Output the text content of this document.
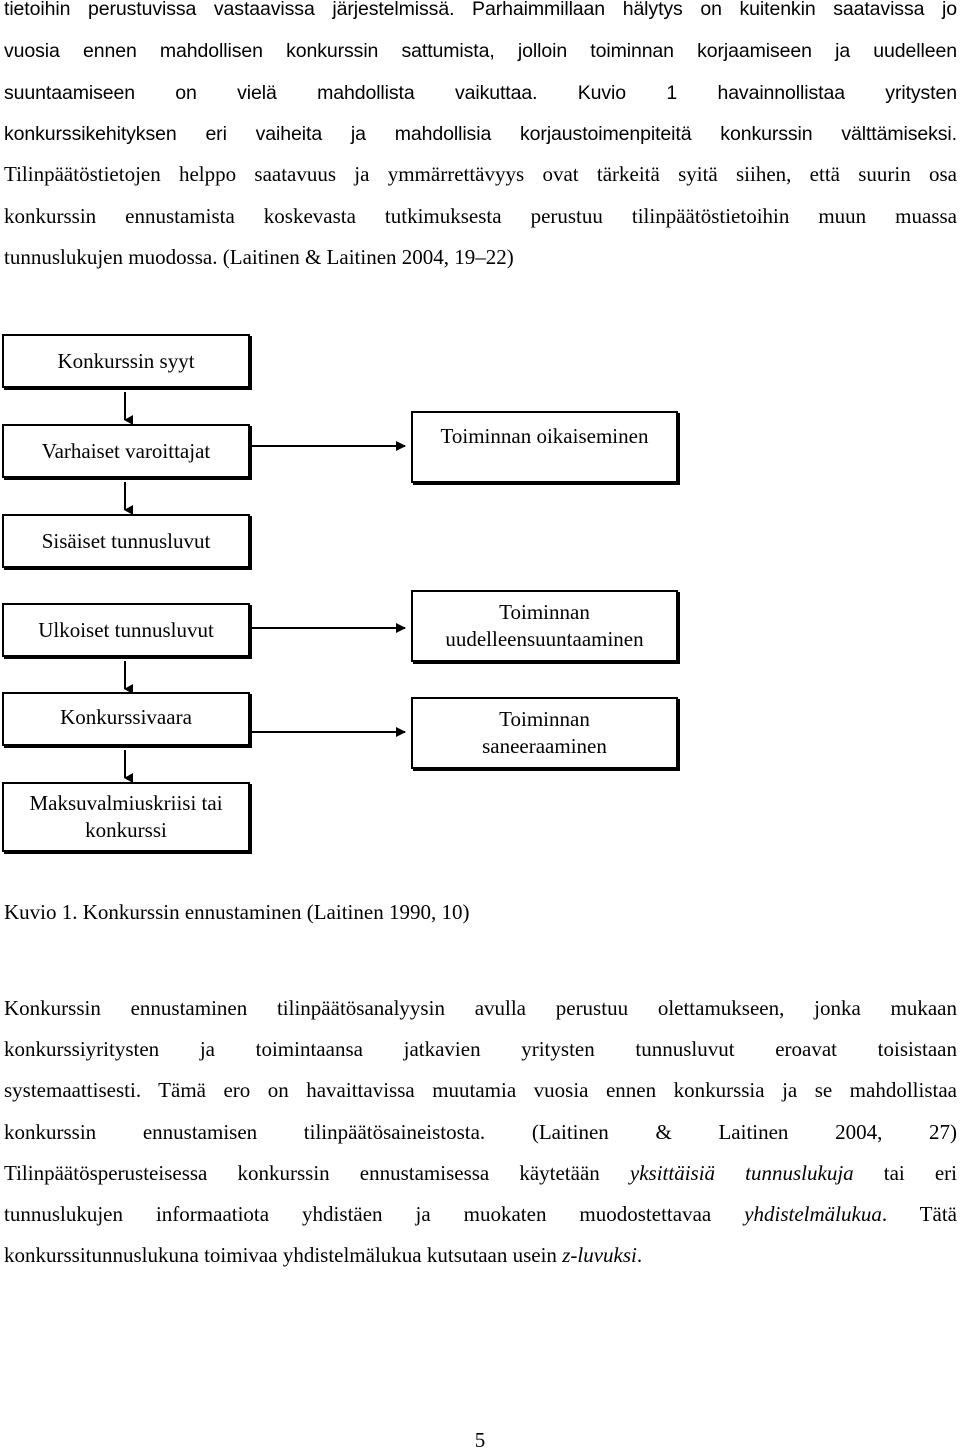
tietoihin perustuvissa vastaavissa järjestelmissä. Parhaimmillaan hälytys on kuitenkin saatavissa jo

vuosia ennen mahdollisen konkurssin sattumista, jolloin toiminnan korjaamiseen ja uudelleen

suuntaamiseen on vielä mahdollista vaikuttaa. Kuvio 1 havainnollistaa yritysten

konkurssikehityksen eri vaiheita ja mahdollisia korjaustoimenpiteitä konkurssin välttämiseksi.

Tilinpäätöstietojen helppo saatavuus ja ymmärrettävyys ovat tärkeitä syitä siihen, että suurin osa

konkurssin ennustamista koskevasta tutkimuksesta perustuu tilinpäätöstietoihin muun muassa

tunnuslukujen muodossa. (Laitinen & Laitinen 2004, 19–22)

Konkurssin syyt
Varhaiset varoittajat
Sisäiset tunnusluvut
Ulkoiset tunnusluvut
Konkurssivaara
Maksuvalmiuskriisi tai
konkurssi
Toiminnan oikaiseminen
Toiminnan
uudelleensuuntaaminen
Toiminnan
saneeraaminen
Kuvio 1. Konkurssin ennustaminen (Laitinen 1990, 10)

Konkurssin ennustaminen tilinpäätösanalyysin avulla perustuu olettamukseen, jonka mukaan

konkurssiyritysten ja toimintaansa jatkavien yritysten tunnusluvut eroavat toisistaan

systemaattisesti. Tämä ero on havaittavissa muutamia vuosia ennen konkurssia ja se mahdollistaa

konkurssin ennustamisen tilinpäätösaineistosta. (Laitinen & Laitinen 2004, 27)

Tilinpäätösperusteisessa konkurssin ennustamisessa käytetään yksittäisiä tunnuslukuja tai eri

tunnuslukujen informaatiota yhdistäen ja muokaten muodostettavaa yhdistelmälukua. Tätä

konkurssitunnuslukuna toimivaa yhdistelmälukua kutsutaan usein z-luvuksi.

5
